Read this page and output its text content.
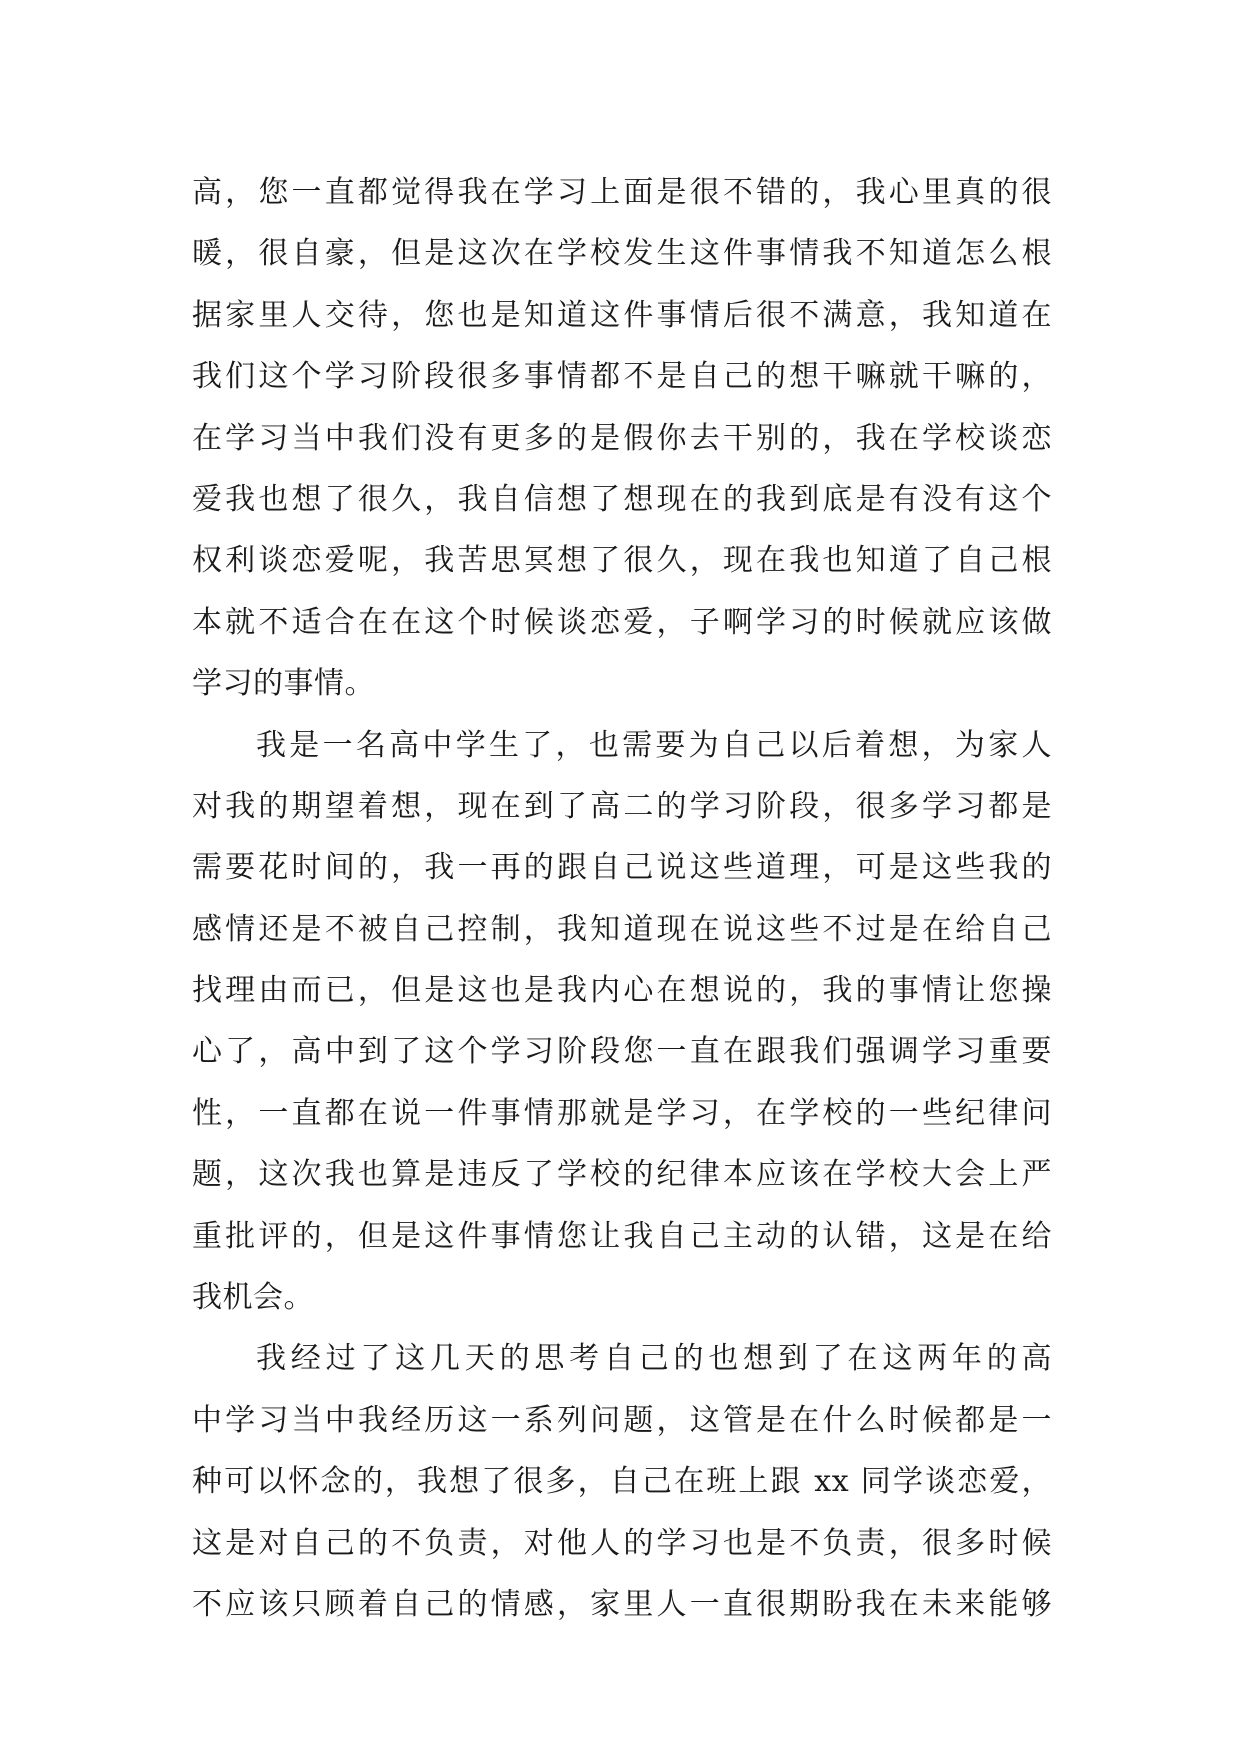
高，您一直都觉得我在学习上面是很不错的，我心里真的很
暖，很自豪，但是这次在学校发生这件事情我不知道怎么根
据家里人交待，您也是知道这件事情后很不满意，我知道在
我们这个学习阶段很多事情都不是自己的想干嘛就干嘛的，
在学习当中我们没有更多的是假你去干别的，我在学校谈恋
爱我也想了很久，我自信想了想现在的我到底是有没有这个
权利谈恋爱呢，我苦思冥想了很久，现在我也知道了自己根
本就不适合在在这个时候谈恋爱，子啊学习的时候就应该做
学习的事情。
我是一名高中学生了，也需要为自己以后着想，为家人
对我的期望着想，现在到了高二的学习阶段，很多学习都是
需要花时间的，我一再的跟自己说这些道理，可是这些我的
感情还是不被自己控制，我知道现在说这些不过是在给自己
找理由而已，但是这也是我内心在想说的，我的事情让您操
心了，高中到了这个学习阶段您一直在跟我们强调学习重要
性，一直都在说一件事情那就是学习，在学校的一些纪律问
题，这次我也算是违反了学校的纪律本应该在学校大会上严
重批评的，但是这件事情您让我自己主动的认错，这是在给
我机会。
我经过了这几天的思考自己的也想到了在这两年的高
中学习当中我经历这一系列问题，这管是在什么时候都是一
种可以怀念的，我想了很多，自己在班上跟 xx 同学谈恋爱，
这是对自己的不负责，对他人的学习也是不负责，很多时候
不应该只顾着自己的情感，家里人一直很期盼我在未来能够
